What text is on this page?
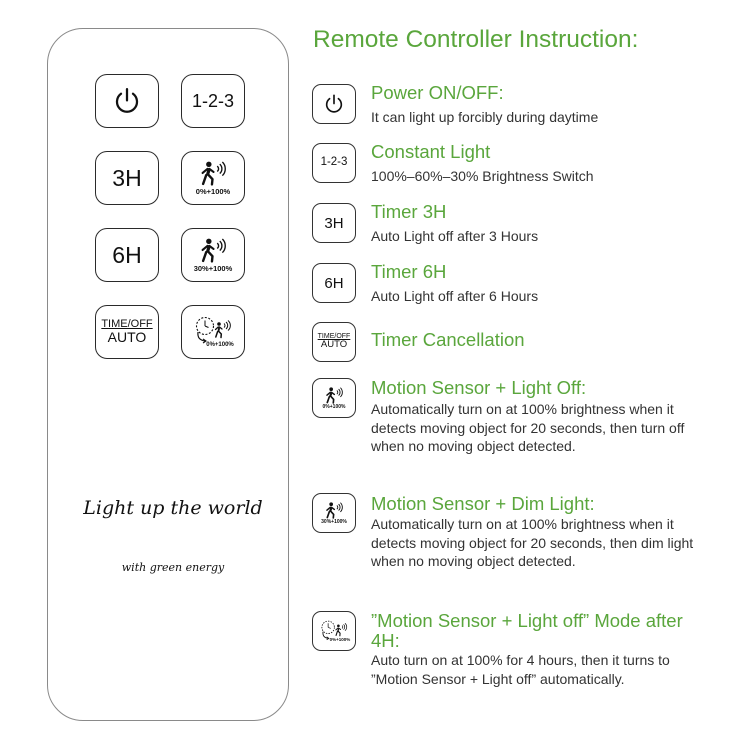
1-2-3
3H
0%+100%
6H
30%+100%
TIME/OFF
AUTO
0%+100%
Light up the world
with green energy
Remote Controller Instruction:
Power ON/OFF:
It can light up forcibly during daytime
1-2-3
Constant Light
100%–60%–30% Brightness Switch
3H
Timer 3H
Auto Light off after 3 Hours
6H
Timer 6H
Auto Light off after 6 Hours
TIME/OFF
AUTO Timer Cancellation
0%+100%
Motion Sensor + Light Off:
Automatically turn on at 100% brightness when it detects moving object for 20 seconds, then turn off when no moving object detected.
30%+100%
Motion Sensor + Dim Light:
Automatically turn on at 100% brightness when it detects moving object for 20 seconds, then dim light when no moving object detected.
0%+100%
”Motion Sensor + Light off” Mode after 4H:
Auto turn on at 100% for 4 hours, then it turns to ”Motion Sensor + Light off” automatically.
